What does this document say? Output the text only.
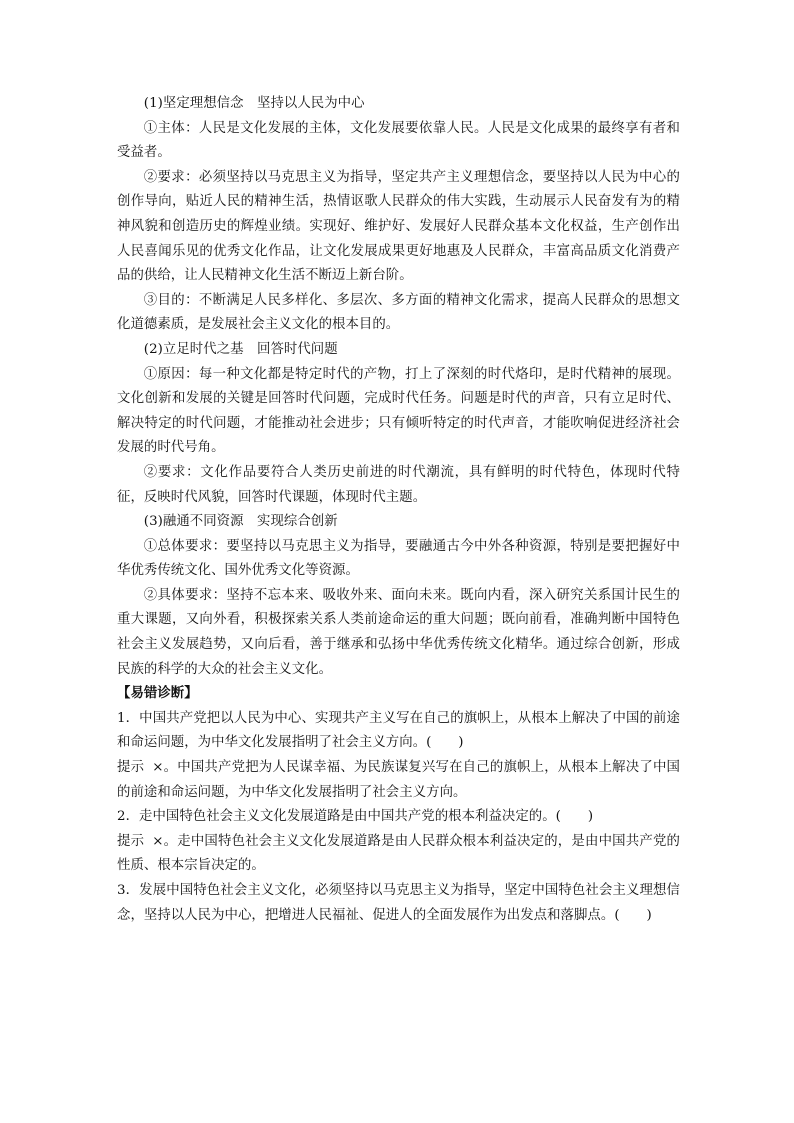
(1)坚定理想信念　坚持以人民为中心

①主体：人民是文化发展的主体，文化发展要依靠人民。人民是文化成果的最终享有者和受益者。

②要求：必须坚持以马克思主义为指导，坚定共产主义理想信念，要坚持以人民为中心的创作导向，贴近人民的精神生活，热情讴歌人民群众的伟大实践，生动展示人民奋发有为的精神风貌和创造历史的辉煌业绩。实现好、维护好、发展好人民群众基本文化权益，生产创作出人民喜闻乐见的优秀文化作品，让文化发展成果更好地惠及人民群众，丰富高品质文化消费产品的供给，让人民精神文化生活不断迈上新台阶。

③目的：不断满足人民多样化、多层次、多方面的精神文化需求，提高人民群众的思想文化道德素质，是发展社会主义文化的根本目的。

(2)立足时代之基　回答时代问题

①原因：每一种文化都是特定时代的产物，打上了深刻的时代烙印，是时代精神的展现。文化创新和发展的关键是回答时代问题，完成时代任务。问题是时代的声音，只有立足时代、解决特定的时代问题，才能推动社会进步；只有倾听特定的时代声音，才能吹响促进经济社会发展的时代号角。

②要求：文化作品要符合人类历史前进的时代潮流，具有鲜明的时代特色，体现时代特征，反映时代风貌，回答时代课题，体现时代主题。

(3)融通不同资源　实现综合创新

①总体要求：要坚持以马克思主义为指导，要融通古今中外各种资源，特别是要把握好中华优秀传统文化、国外优秀文化等资源。

②具体要求：坚持不忘本来、吸收外来、面向未来。既向内看，深入研究关系国计民生的重大课题，又向外看，积极探索关系人类前途命运的重大问题；既向前看，准确判断中国特色社会主义发展趋势，又向后看，善于继承和弘扬中华优秀传统文化精华。通过综合创新，形成民族的科学的大众的社会主义文化。

【易错诊断】

1．中国共产党把以人民为中心、实现共产主义写在自己的旗帜上，从根本上解决了中国的前途和命运问题，为中华文化发展指明了社会主义方向。(　　)

提示 ×。中国共产党把为人民谋幸福、为民族谋复兴写在自己的旗帜上，从根本上解决了中国的前途和命运问题，为中华文化发展指明了社会主义方向。

2．走中国特色社会主义文化发展道路是由中国共产党的根本利益决定的。(　　)

提示 ×。走中国特色社会主义文化发展道路是由人民群众根本利益决定的，是由中国共产党的性质、根本宗旨决定的。

3．发展中国特色社会主义文化，必须坚持以马克思主义为指导，坚定中国特色社会主义理想信念，坚持以人民为中心，把增进人民福祉、促进人的全面发展作为出发点和落脚点。(　　)
